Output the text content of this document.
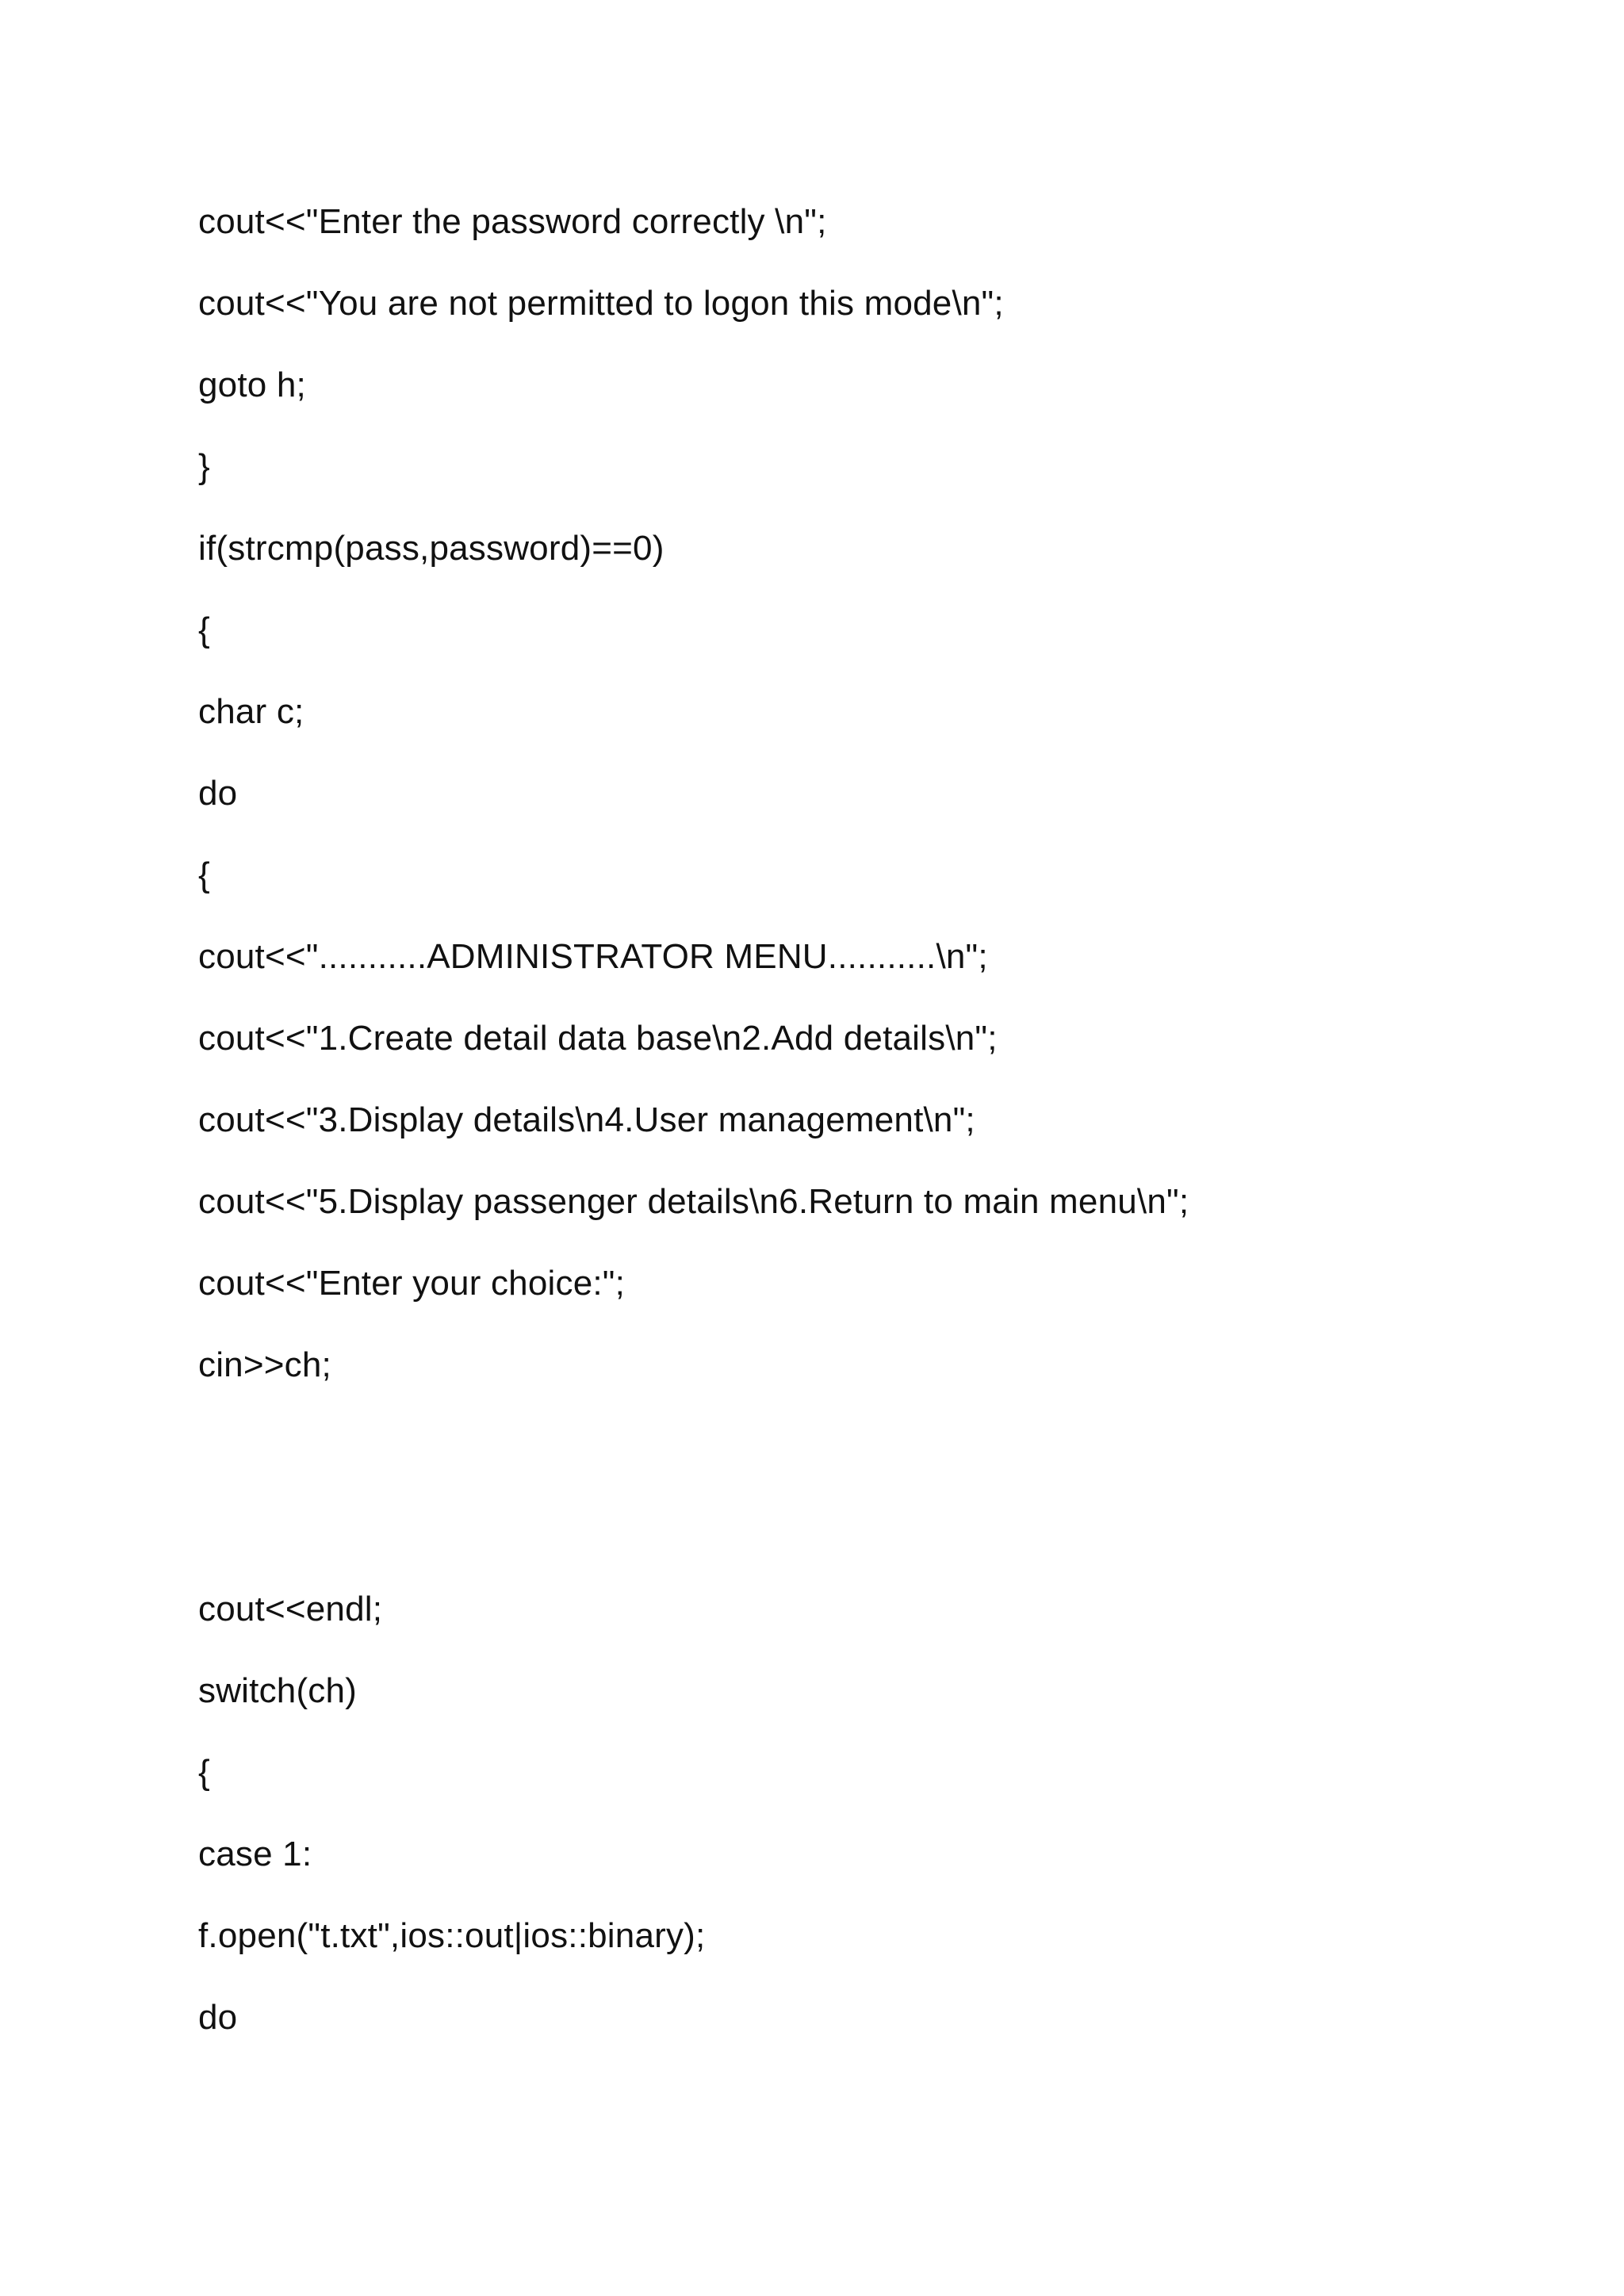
cout<<"Enter the password correctly \n";
cout<<"You are not permitted to logon this mode\n";
goto h;
}
if(strcmp(pass,password)==0)
{
char c;
do
{
cout<<"...........ADMINISTRATOR MENU...........\n";
cout<<"1.Create detail data base\n2.Add details\n";
cout<<"3.Display details\n4.User management\n";
cout<<"5.Display passenger details\n6.Return to main menu\n";
cout<<"Enter your choice:";
cin>>ch;
cout<<endl;
switch(ch)
{
case 1:
f.open("t.txt",ios::out|ios::binary);
do
